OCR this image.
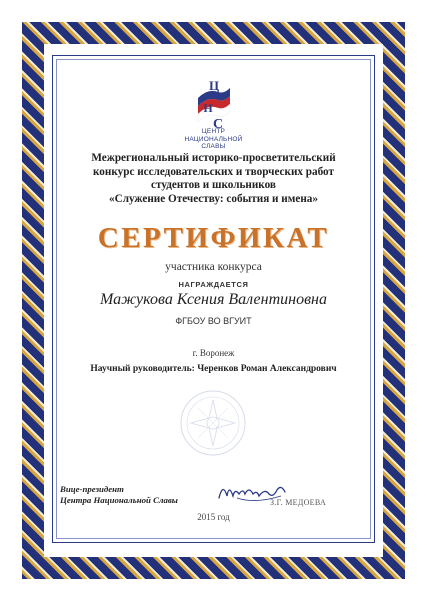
Ц
Н
С
ЦЕНТР
НАЦИОНАЛЬНОЙ
СЛАВЫ
Межрегиональный историко-просветительский
конкурс исследовательских и творческих работ
студентов и школьников
«Служение Отечеству: события и имена»
СЕРТИФИКАТ
участника конкурса
НАГРАЖДАЕТСЯ
Мажукова Ксения Валентиновна
ФГБОУ ВО ВГУИТ
г. Воронеж
Научный руководитель: Черенков Роман Александрович
Вице-президент
Центра Национальной Славы	З.Г. МЕДОЕВА
2015 год
